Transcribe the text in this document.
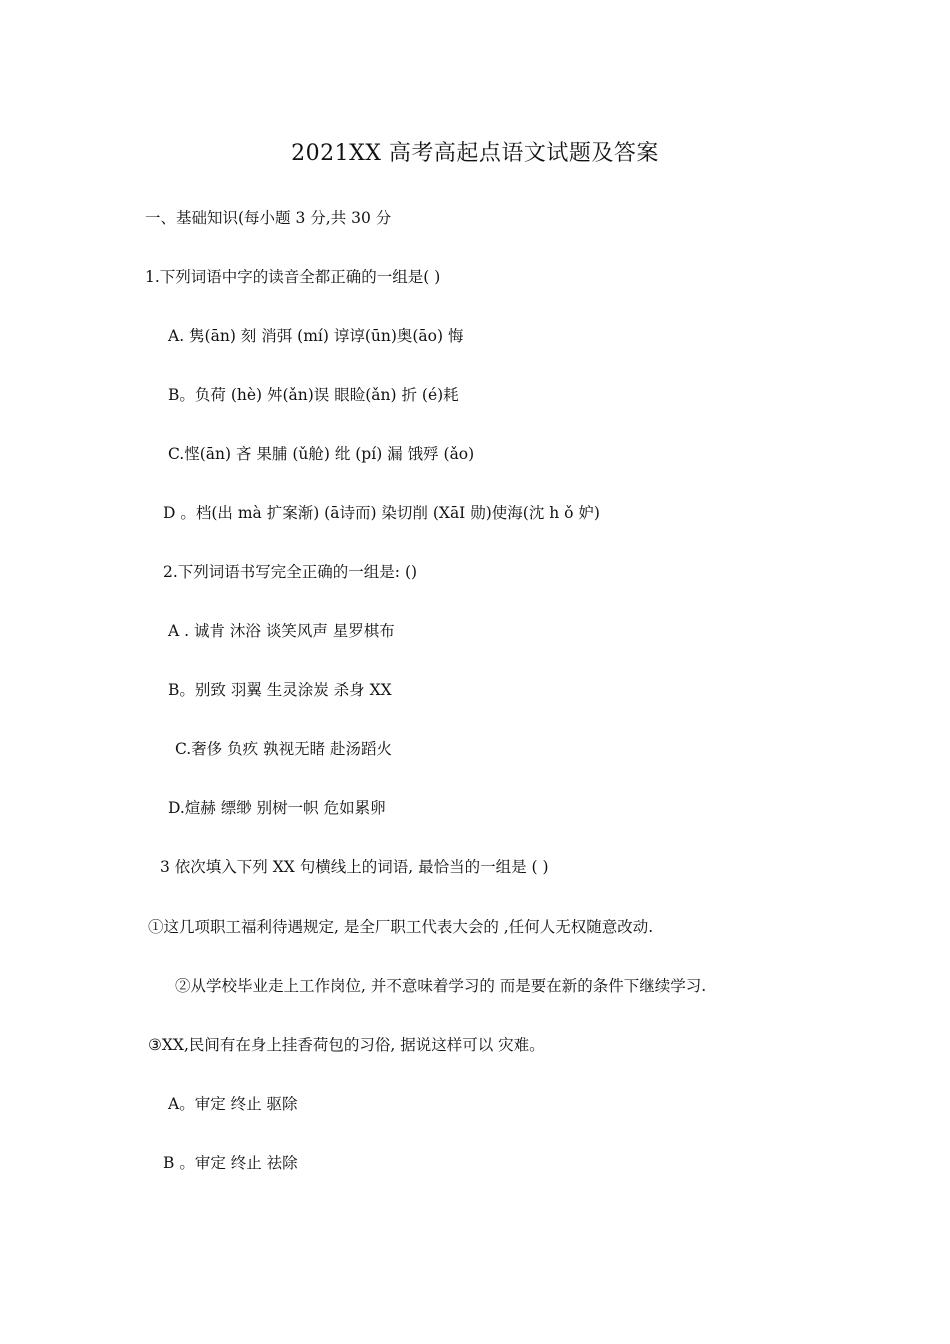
2021XX 高考高起点语文试题及答案
一、基础知识(每小题 3 分,共 30 分
1.下列词语中字的读音全都正确的一组是( )
A. 隽(ān) 刻 消弭 (mí) 谆谆(ūn)奥(āo) 悔
B。负荷 (hè) 舛(ǎn)误 眼睑(ǎn) 折 (é)耗
C.悭(ān) 吝 果脯 (ǔ舱) 纰 (pí) 漏 饿殍 (ǎo)
D 。档(出 mà 扩案渐) (ā诗而) 染切削 (XāI 勋)使海(沈 h ǒ 妒)
2.下列词语书写完全正确的一组是: ()
A . 诚肯 沐浴 谈笑风声 星罗棋布
B。别致 羽翼 生灵涂炭 杀身 XX
C.奢侈 负疚 孰视无睹 赴汤蹈火
D.煊赫 缥缈 别树一帜 危如累卵
3 依次填入下列 XX 句横线上的词语, 最恰当的一组是 ( )
①这几项职工福利待遇规定, 是全厂职工代表大会的 ,任何人无权随意改动.
②从学校毕业走上工作岗位, 并不意味着学习的 而是要在新的条件下继续学习.
③XX,民间有在身上挂香荷包的习俗, 据说这样可以 灾难。
A。审定 终止 驱除
B 。审定 终止 祛除
